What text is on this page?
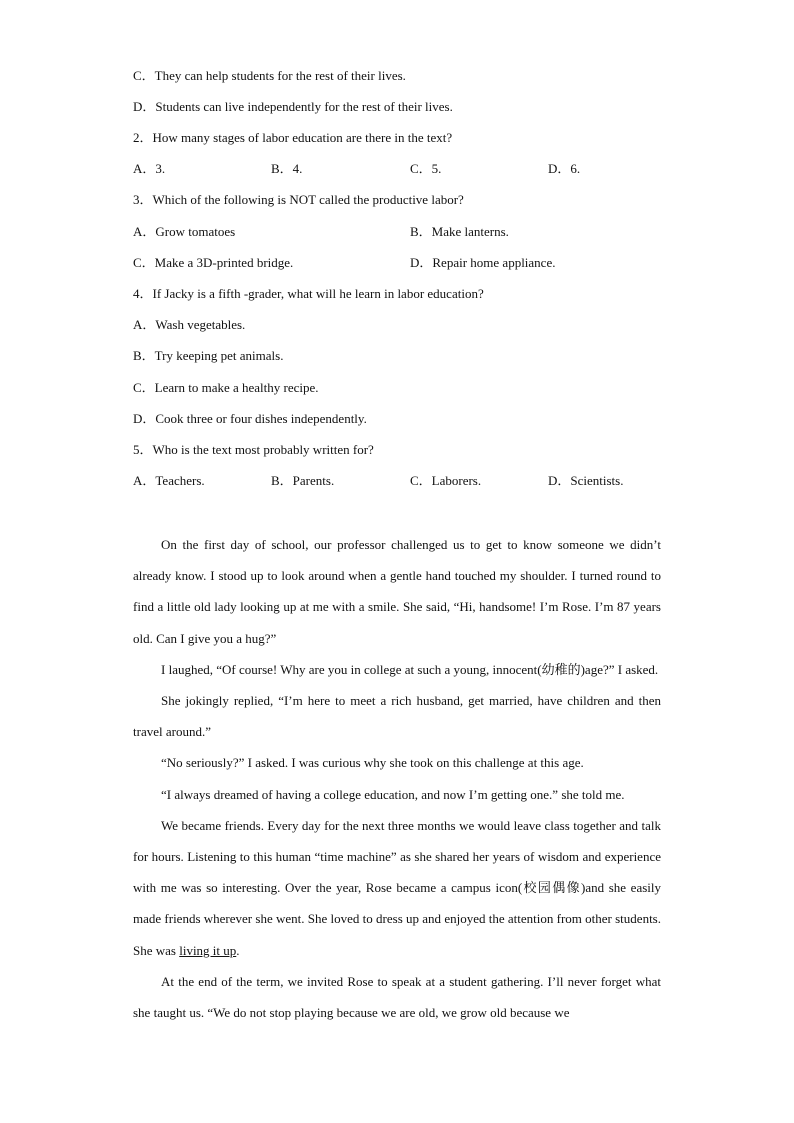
C．They can help students for the rest of their lives.
D．Students can live independently for the rest of their lives.
2．How many stages of labor education are there in the text?
A．3.	B．4.	C．5.	D．6.
3．Which of the following is NOT called the productive labor?
A．Grow tomatoes	B．Make lanterns.
C．Make a 3D-printed bridge.	D．Repair home appliance.
4．If Jacky is a fifth -grader, what will he learn in labor education?
A．Wash vegetables.
B．Try keeping pet animals.
C．Learn to make a healthy recipe.
D．Cook three or four dishes independently.
5．Who is the text most probably written for?
A．Teachers.	B．Parents.	C．Laborers.	D．Scientists.

On the first day of school, our professor challenged us to get to know someone we didn’t already know. I stood up to look around when a gentle hand touched my shoulder. I turned round to find a little old lady looking up at me with a smile. She said, “Hi, handsome! I’m Rose. I’m 87 years old. Can I give you a hug?”

I laughed, “Of course! Why are you in college at such a young, innocent(幼稚的)age?” I asked.

She jokingly replied, “I’m here to meet a rich husband, get married, have children and then travel around.”

“No seriously?” I asked. I was curious why she took on this challenge at this age.

“I always dreamed of having a college education, and now I’m getting one.” she told me.

We became friends. Every day for the next three months we would leave class together and talk for hours. Listening to this human “time machine” as she shared her years of wisdom and experience with me was so interesting. Over the year, Rose became a campus icon(校园偶像)and she easily made friends wherever she went. She loved to dress up and enjoyed the attention from other students. She was living it up.

At the end of the term, we invited Rose to speak at a student gathering. I’ll never forget what she taught us. “We do not stop playing because we are old, we grow old because we
